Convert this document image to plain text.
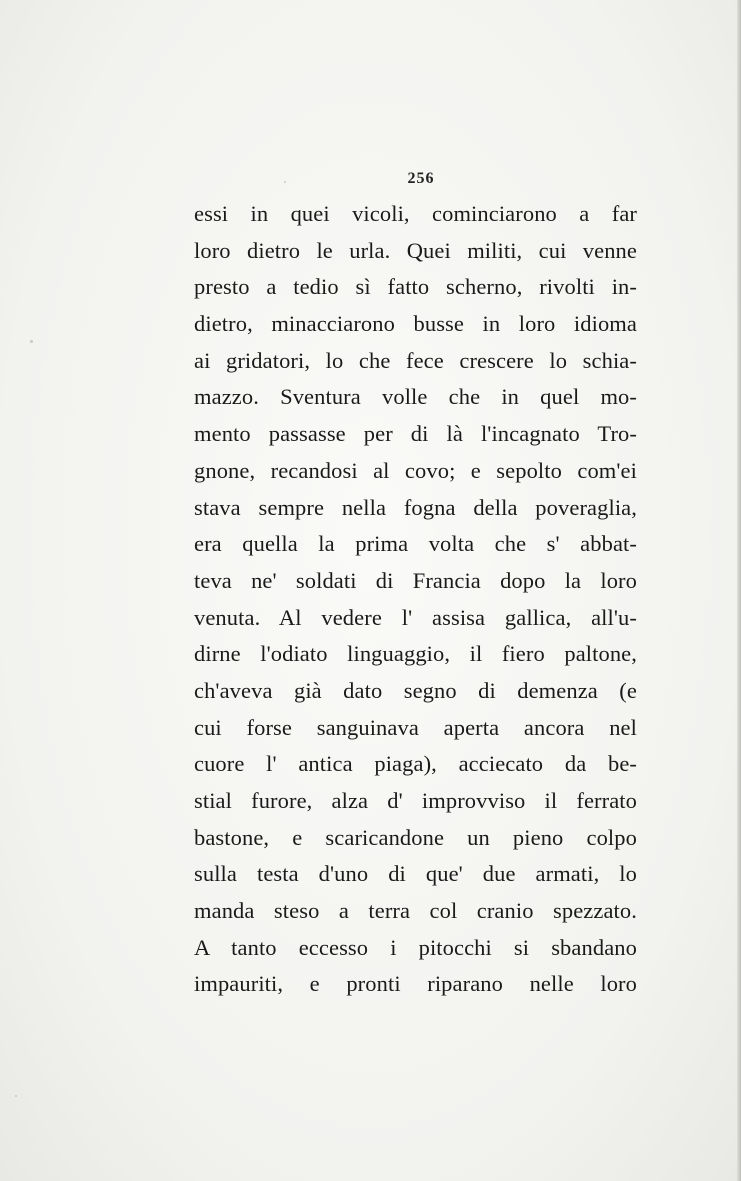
256
essi in quei vicoli, cominciarono a far
loro dietro le urla. Quei militi, cui venne
presto a tedio sì fatto scherno, rivolti in-
dietro, minacciarono busse in loro idioma
ai gridatori, lo che fece crescere lo schia-
mazzo. Sventura volle che in quel mo-
mento passasse per di là l'incagnato Tro-
gnone, recandosi al covo; e sepolto com'ei
stava sempre nella fogna della poveraglia,
era quella la prima volta che s' abbat-
teva ne' soldati di Francia dopo la loro
venuta. Al vedere l' assisa gallica, all'u-
dirne l'odiato linguaggio, il fiero paltone,
ch'aveva già dato segno di demenza (e
cui forse sanguinava aperta ancora nel
cuore l' antica piaga), acciecato da be-
stial furore, alza d' improvviso il ferrato
bastone, e scaricandone un pieno colpo
sulla testa d'uno di que' due armati, lo
manda steso a terra col cranio spezzato.
A tanto eccesso i pitocchi si sbandano
impauriti, e pronti riparano nelle loro
